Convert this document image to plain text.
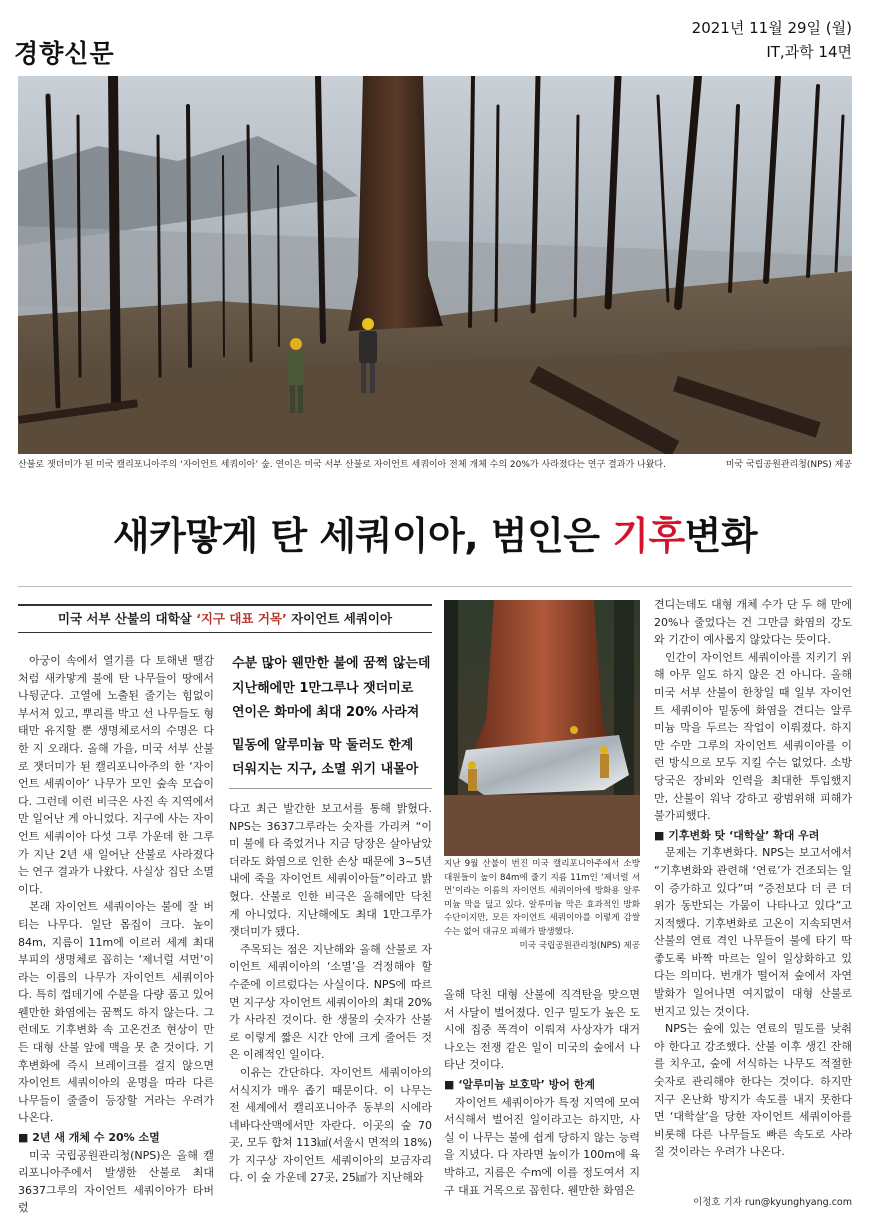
경향신문
2021년 11월 29일 (월)
IT,과학 14면
산불로 잿더미가 된 미국 캘리포니아주의 ‘자이언트 세쿼이아’ 숲. 연이은 미국 서부 산불로 자이언트 세쿼이아 전체 개체 수의 20%가 사라졌다는 연구 결과가 나왔다.	미국 국립공원관리청(NPS) 제공
새카맣게 탄 세쿼이아, 범인은 기후변화
미국 서부 산불의 대학살 ‘지구 대표 거목’ 자이언트 세쿼이아

아궁이 속에서 열기를 다 토해낸 땔감처럼 새카맣게 불에 탄 나무들이 땅에서 나뒹군다. 고열에 노출된 줄기는 힘없이 부서져 있고, 뿌리를 박고 선 나무들도 형태만 유지할 뿐 생명체로서의 수명은 다한 지 오래다. 올해 가을, 미국 서부 산불로 잿더미가 된 캘리포니아주의 한 ‘자이언트 세쿼이아’ 나무가 모인 숲속 모습이다. 그런데 이런 비극은 사진 속 지역에서만 일어난 게 아니었다. 지구에 사는 자이언트 세쿼이아 다섯 그루 가운데 한 그루가 지난 2년 새 일어난 산불로 사라졌다는 연구 결과가 나왔다. 사실상 집단 소멸이다.

본래 자이언트 세쿼이아는 불에 잘 버티는 나무다. 일단 몸집이 크다. 높이 84m, 지름이 11m에 이르러 세계 최대 부피의 생명체로 꼽히는 ‘제너럴 셔먼’이라는 이름의 나무가 자이언트 세쿼이아다. 특히 껍데기에 수분을 다량 품고 있어 웬만한 화염에는 꿈쩍도 하지 않는다. 그런데도 기후변화 속 고온건조 현상이 만든 대형 산불 앞에 맥을 못 춘 것이다. 기후변화에 즉시 브레이크를 걸지 않으면 자이언트 세쿼이아의 운명을 따라 다른 나무들이 줄줄이 등장할 거라는 우려가 나온다.

■ 2년 새 개체 수 20% 소멸

미국 국립공원관리청(NPS)은 올해 캘리포니아주에서 발생한 산불로 최대 3637그루의 자이언트 세쿼이아가 타버렸

수분 많아 웬만한 불에 꿈쩍 않는데
지난해에만 1만그루나 잿더미로
연이은 화마에 최대 20% 사라져
밑동에 알루미늄 막 둘러도 한계
더워지는 지구, 소멸 위기 내몰아

다고 최근 발간한 보고서를 통해 밝혔다. NPS는 3637그루라는 숫자를 가리켜 “이미 불에 타 죽었거나 지금 당장은 살아남았더라도 화염으로 인한 손상 때문에 3~5년 내에 죽을 자이언트 세쿼이아들”이라고 밝혔다. 산불로 인한 비극은 올해에만 닥친 게 아니었다. 지난해에도 최대 1만그루가 잿더미가 됐다.

주목되는 점은 지난해와 올해 산불로 자이언트 세쿼이아의 ‘소멸’을 걱정해야 할 수준에 이르렀다는 사실이다. NPS에 따르면 지구상 자이언트 세쿼이아의 최대 20%가 사라진 것이다. 한 생물의 숫자가 산불로 이렇게 짧은 시간 안에 크게 줄어든 것은 이례적인 일이다.

이유는 간단하다. 자이언트 세쿼이아의 서식지가 매우 좁기 때문이다. 이 나무는 전 세계에서 캘리포니아주 동부의 시에라네바다산맥에서만 자란다. 이곳의 숲 70곳, 모두 합쳐 113㎢(서울시 면적의 18%) 가 지구상 자이언트 세쿼이아의 보금자리다. 이 숲 가운데 27곳, 25㎢가 지난해와

지난 9월 산불이 번진 미국 캘리포니아주에서 소방대원들이 높이 84m에 줄기 지름 11m인 ‘제너럴 셔먼’이라는 이름의 자이언트 세쿼이아에 방화용 알루미늄 막을 덮고 있다. 알루미늄 막은 효과적인 방화 수단이지만, 모든 자이언트 세쿼이아를 이렇게 감쌀 수는 없어 대규모 피해가 발생했다.
미국 국립공원관리청(NPS) 제공

올해 닥친 대형 산불에 직격탄을 맞으면서 사달이 벌어졌다. 인구 밀도가 높은 도시에 집중 폭격이 이뤄져 사상자가 대거 나오는 전쟁 같은 일이 미국의 숲에서 나타난 것이다.

■ ‘알루미늄 보호막’ 방어 한계

자이언트 세쿼이아가 특정 지역에 모여 서식해서 벌어진 일이라고는 하지만, 사실 이 나무는 불에 쉽게 당하지 않는 능력을 지녔다. 다 자라면 높이가 100m에 육박하고, 지름은 수m에 이를 정도여서 지구 대표 거목으로 꼽힌다. 웬만한 화염은

견디는데도 대형 개체 수가 단 두 해 만에 20%나 줄었다는 건 그만큼 화염의 강도와 기간이 예사롭지 않았다는 뜻이다.

인간이 자이언트 세쿼이아를 지키기 위해 아무 일도 하지 않은 건 아니다. 올해 미국 서부 산불이 한창일 때 일부 자이언트 세쿼이아 밑동에 화염을 견디는 알루미늄 막을 두르는 작업이 이뤄졌다. 하지만 수만 그루의 자이언트 세쿼이아를 이런 방식으로 모두 지킬 수는 없었다. 소방 당국은 장비와 인력을 최대한 투입했지만, 산불이 워낙 강하고 광범위해 피해가 불가피했다.

■ 기후변화 탓 ‘대학살’ 확대 우려

문제는 기후변화다. NPS는 보고서에서 “기후변화와 관련해 ‘연료’가 건조되는 일이 증가하고 있다”며 “증전보다 더 큰 더위가 동반되는 가뭄이 나타나고 있다”고 지적했다. 기후변화로 고온이 지속되면서 산불의 연료 격인 나무들이 불에 타기 딱 좋도록 바짝 마르는 일이 일상화하고 있다는 의미다. 번개가 떨어져 숲에서 자연발화가 일어나면 여지없이 대형 산불로 번지고 있는 것이다.

NPS는 숲에 있는 연료의 밀도를 낮춰야 한다고 강조했다. 산불 이후 생긴 잔해를 치우고, 숲에 서식하는 나무도 적절한 숫자로 관리해야 한다는 것이다. 하지만 지구 온난화 방지가 속도를 내지 못한다면 ‘대학살’을 당한 자이언트 세쿼이아를 비롯해 다른 나무들도 빠른 속도로 사라질 것이라는 우려가 나온다.

이정호 기자 run@kyunghyang.com
